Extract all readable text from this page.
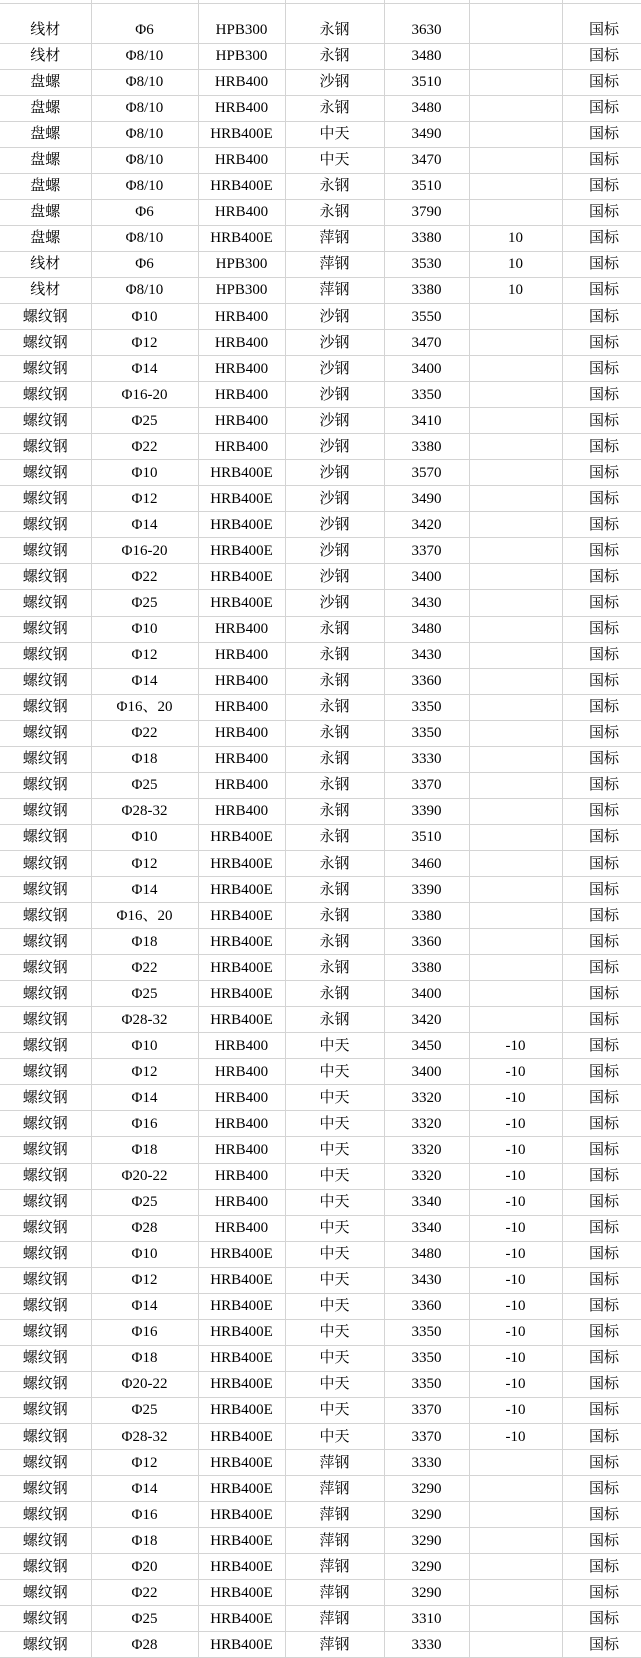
线材	Φ6	HPB300	永钢	3630		国标
线材	Φ8/10	HPB300	永钢	3480		国标
盘螺	Φ8/10	HRB400	沙钢	3510		国标
盘螺	Φ8/10	HRB400	永钢	3480		国标
盘螺	Φ8/10	HRB400E	中天	3490		国标
盘螺	Φ8/10	HRB400	中天	3470		国标
盘螺	Φ8/10	HRB400E	永钢	3510		国标
盘螺	Φ6	HRB400	永钢	3790		国标
盘螺	Φ8/10	HRB400E	萍钢	3380	10	国标
线材	Φ6	HPB300	萍钢	3530	10	国标
线材	Φ8/10	HPB300	萍钢	3380	10	国标
螺纹钢	Φ10	HRB400	沙钢	3550		国标
螺纹钢	Φ12	HRB400	沙钢	3470		国标
螺纹钢	Φ14	HRB400	沙钢	3400		国标
螺纹钢	Φ16-20	HRB400	沙钢	3350		国标
螺纹钢	Φ25	HRB400	沙钢	3410		国标
螺纹钢	Φ22	HRB400	沙钢	3380		国标
螺纹钢	Φ10	HRB400E	沙钢	3570		国标
螺纹钢	Φ12	HRB400E	沙钢	3490		国标
螺纹钢	Φ14	HRB400E	沙钢	3420		国标
螺纹钢	Φ16-20	HRB400E	沙钢	3370		国标
螺纹钢	Φ22	HRB400E	沙钢	3400		国标
螺纹钢	Φ25	HRB400E	沙钢	3430		国标
螺纹钢	Φ10	HRB400	永钢	3480		国标
螺纹钢	Φ12	HRB400	永钢	3430		国标
螺纹钢	Φ14	HRB400	永钢	3360		国标
螺纹钢	Φ16、20	HRB400	永钢	3350		国标
螺纹钢	Φ22	HRB400	永钢	3350		国标
螺纹钢	Φ18	HRB400	永钢	3330		国标
螺纹钢	Φ25	HRB400	永钢	3370		国标
螺纹钢	Φ28-32	HRB400	永钢	3390		国标
螺纹钢	Φ10	HRB400E	永钢	3510		国标
螺纹钢	Φ12	HRB400E	永钢	3460		国标
螺纹钢	Φ14	HRB400E	永钢	3390		国标
螺纹钢	Φ16、20	HRB400E	永钢	3380		国标
螺纹钢	Φ18	HRB400E	永钢	3360		国标
螺纹钢	Φ22	HRB400E	永钢	3380		国标
螺纹钢	Φ25	HRB400E	永钢	3400		国标
螺纹钢	Φ28-32	HRB400E	永钢	3420		国标
螺纹钢	Φ10	HRB400	中天	3450	-10	国标
螺纹钢	Φ12	HRB400	中天	3400	-10	国标
螺纹钢	Φ14	HRB400	中天	3320	-10	国标
螺纹钢	Φ16	HRB400	中天	3320	-10	国标
螺纹钢	Φ18	HRB400	中天	3320	-10	国标
螺纹钢	Φ20-22	HRB400	中天	3320	-10	国标
螺纹钢	Φ25	HRB400	中天	3340	-10	国标
螺纹钢	Φ28	HRB400	中天	3340	-10	国标
螺纹钢	Φ10	HRB400E	中天	3480	-10	国标
螺纹钢	Φ12	HRB400E	中天	3430	-10	国标
螺纹钢	Φ14	HRB400E	中天	3360	-10	国标
螺纹钢	Φ16	HRB400E	中天	3350	-10	国标
螺纹钢	Φ18	HRB400E	中天	3350	-10	国标
螺纹钢	Φ20-22	HRB400E	中天	3350	-10	国标
螺纹钢	Φ25	HRB400E	中天	3370	-10	国标
螺纹钢	Φ28-32	HRB400E	中天	3370	-10	国标
螺纹钢	Φ12	HRB400E	萍钢	3330		国标
螺纹钢	Φ14	HRB400E	萍钢	3290		国标
螺纹钢	Φ16	HRB400E	萍钢	3290		国标
螺纹钢	Φ18	HRB400E	萍钢	3290		国标
螺纹钢	Φ20	HRB400E	萍钢	3290		国标
螺纹钢	Φ22	HRB400E	萍钢	3290		国标
螺纹钢	Φ25	HRB400E	萍钢	3310		国标
螺纹钢	Φ28	HRB400E	萍钢	3330		国标
